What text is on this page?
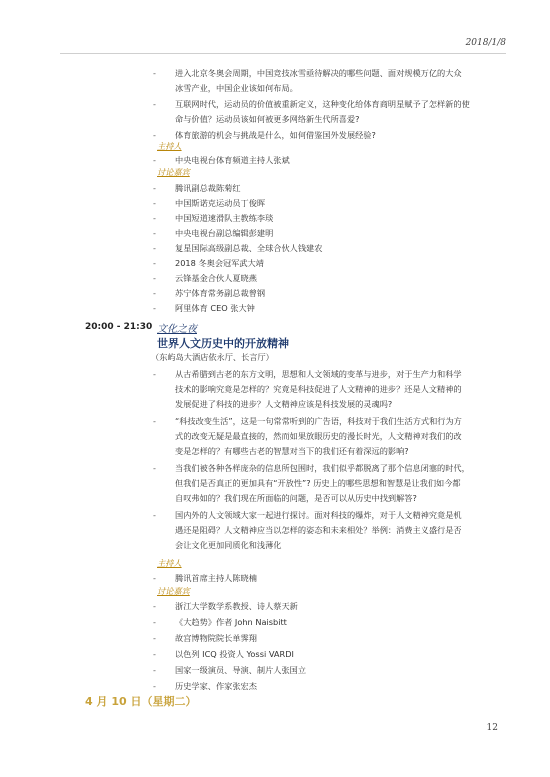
2018/1/8
- 进入北京冬奥会周期，中国竞技冰雪亟待解决的哪些问题、面对规模万亿的大众
冰雪产业，中国企业该如何布局。
- 互联网时代，运动员的价值被重新定义，这种变化给体育商明星赋予了怎样新的使
命与价值？运动员该如何被更多网络新生代所喜爱?
- 体育旅游的机会与挑战是什么，如何借鉴国外发展经验?
主持人
- 中央电视台体育频道主持人张斌
讨论嘉宾
- 腾讯副总裁陈菊红
- 中国斯诺克运动员丁俊晖
- 中国短道速滑队主教练李琰
- 中央电视台副总编辑彭建明
- 复星国际高级副总裁、全球合伙人钱建农
- 2018 冬奥会冠军武大靖
- 云锋基金合伙人夏晓燕
- 苏宁体育常务副总裁曾钢
- 阿里体育 CEO 张大钟
20:00 - 21:30 文化之夜
世界人文历史中的开放精神
（东屿岛大酒店依永厅、长言厅）
- 从古希腊到古老的东方文明，思想和人文领域的变革与进步，对于生产力和科学
技术的影响究竟是怎样的？究竟是科技促进了人文精神的进步？还是人文精神的
发展促进了科技的进步？人文精神应该是科技发展的灵魂吗?
- “科技改变生活”，这是一句常常听到的广告语，科技对于我们生活方式和行为方
式的改变无疑是最直接的，然而如果放眼历史的漫长时光，人文精神对我们的改
变是怎样的？有哪些古老的智慧对当下的我们还有着深远的影响?
- 当我们被各种各样庞杂的信息所包围时，我们似乎都脱离了那个信息闭塞的时代，
但我们是否真正的更加具有“开放性”? 历史上的哪些思想和智慧是让我们如今都
自叹弗如的？我们现在所面临的问题，是否可以从历史中找到解答?
- 国内外的人文领域大家一起进行探讨。面对科技的爆炸，对于人文精神究竟是机
遇还是阻碍？人文精神应当以怎样的姿态和未来相处？举例：消费主义盛行是否
会让文化更加同质化和浅薄化
主持人
- 腾讯首席主持人陈晓楠
讨论嘉宾
- 浙江大学数学系教授、诗人蔡天新
- 《大趋势》作者 John Naisbitt
- 故宫博物院院长单霁翔
- 以色列 ICQ 投资人 Yossi VARDI
- 国家一级演员、导演、制片人张国立
- 历史学家、作家张宏杰
4 月 10 日（星期二）
12
